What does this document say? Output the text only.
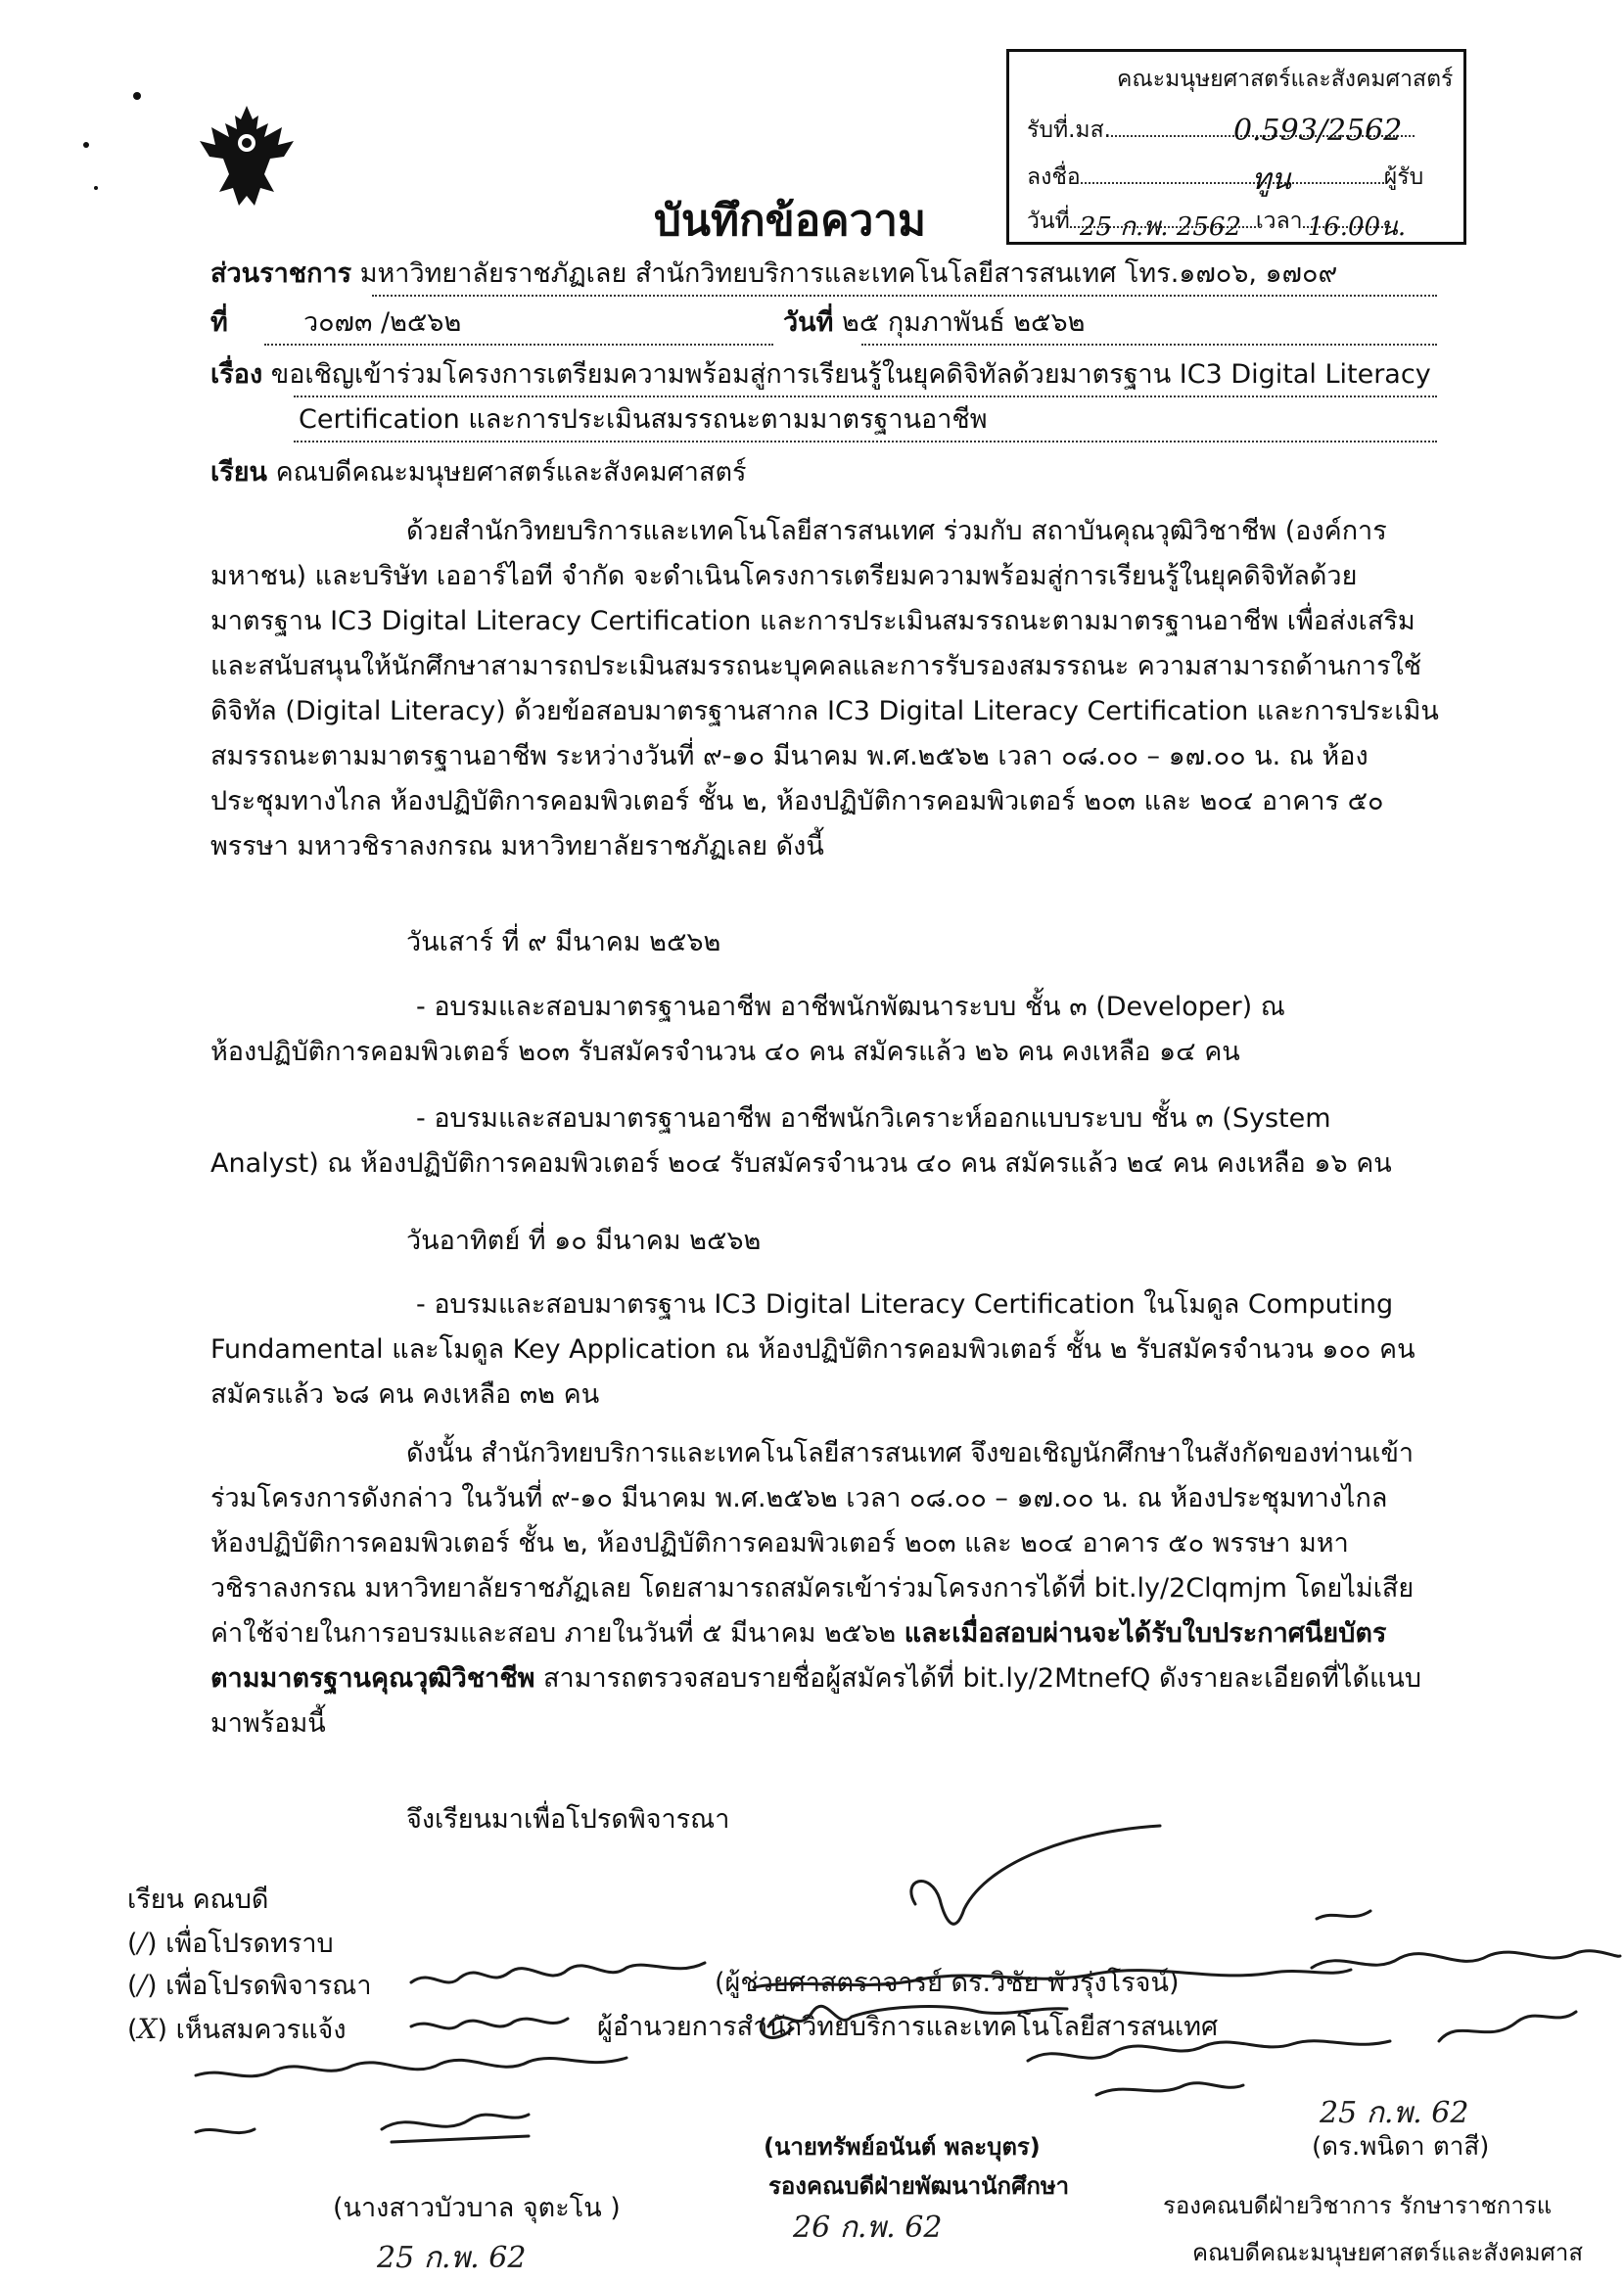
คณะมนุษยศาสตร์และสังคมศาสตร์
รับที่.มส.	0.593/2562
ลงชื่อ	ทูน	ผู้รับ
วันที่ 25 ก.พ. 2562 เวลา 16.00น.
บันทึกข้อความ
ส่วนราชการ มหาวิทยาลัยราชภัฏเลย สำนักวิทยบริการและเทคโนโลยีสารสนเทศ โทร.๑๗๐๖, ๑๗๐๙
ที่	ว๐๗๓ /๒๕๖๒	วันที่ ๒๕ กุมภาพันธ์ ๒๕๖๒
เรื่อง ขอเชิญเข้าร่วมโครงการเตรียมความพร้อมสู่การเรียนรู้ในยุคดิจิทัลด้วยมาตรฐาน IC3 Digital Literacy
Certification และการประเมินสมรรถนะตามมาตรฐานอาชีพ
เรียน คณบดีคณะมนุษยศาสตร์และสังคมศาสตร์

ด้วยสำนักวิทยบริการและเทคโนโลยีสารสนเทศ ร่วมกับ สถาบันคุณวุฒิวิชาชีพ (องค์การ

มหาชน) และบริษัท เออาร์ไอที จำกัด จะดำเนินโครงการเตรียมความพร้อมสู่การเรียนรู้ในยุคดิจิทัลด้วย

มาตรฐาน IC3 Digital Literacy Certification และการประเมินสมรรถนะตามมาตรฐานอาชีพ เพื่อส่งเสริม

และสนับสนุนให้นักศึกษาสามารถประเมินสมรรถนะบุคคลและการรับรองสมรรถนะ ความสามารถด้านการใช้

ดิจิทัล (Digital Literacy) ด้วยข้อสอบมาตรฐานสากล IC3 Digital Literacy Certification และการประเมิน

สมรรถนะตามมาตรฐานอาชีพ ระหว่างวันที่ ๙-๑๐ มีนาคม พ.ศ.๒๕๖๒ เวลา ๐๘.๐๐ – ๑๗.๐๐ น. ณ ห้อง

ประชุมทางไกล ห้องปฏิบัติการคอมพิวเตอร์ ชั้น ๒, ห้องปฏิบัติการคอมพิวเตอร์ ๒๐๓ และ ๒๐๔ อาคาร ๕๐

พรรษา มหาวชิราลงกรณ มหาวิทยาลัยราชภัฏเลย ดังนี้

วันเสาร์ ที่ ๙ มีนาคม ๒๕๖๒

- อบรมและสอบมาตรฐานอาชีพ อาชีพนักพัฒนาระบบ ชั้น ๓ (Developer) ณ

ห้องปฏิบัติการคอมพิวเตอร์ ๒๐๓ รับสมัครจำนวน ๔๐ คน สมัครแล้ว ๒๖ คน คงเหลือ ๑๔ คน

- อบรมและสอบมาตรฐานอาชีพ อาชีพนักวิเคราะห์ออกแบบระบบ ชั้น ๓ (System

Analyst) ณ ห้องปฏิบัติการคอมพิวเตอร์ ๒๐๔ รับสมัครจำนวน ๔๐ คน สมัครแล้ว ๒๔ คน คงเหลือ ๑๖ คน

วันอาทิตย์ ที่ ๑๐ มีนาคม ๒๕๖๒

- อบรมและสอบมาตรฐาน IC3 Digital Literacy Certification ในโมดูล Computing

Fundamental และโมดูล Key Application ณ ห้องปฏิบัติการคอมพิวเตอร์ ชั้น ๒ รับสมัครจำนวน ๑๐๐ คน

สมัครแล้ว ๖๘ คน คงเหลือ ๓๒ คน

ดังนั้น สำนักวิทยบริการและเทคโนโลยีสารสนเทศ จึงขอเชิญนักศึกษาในสังกัดของท่านเข้า

ร่วมโครงการดังกล่าว ในวันที่ ๙-๑๐ มีนาคม พ.ศ.๒๕๖๒ เวลา ๐๘.๐๐ – ๑๗.๐๐ น. ณ ห้องประชุมทางไกล

ห้องปฏิบัติการคอมพิวเตอร์ ชั้น ๒, ห้องปฏิบัติการคอมพิวเตอร์ ๒๐๓ และ ๒๐๔ อาคาร ๕๐ พรรษา มหา

วชิราลงกรณ มหาวิทยาลัยราชภัฏเลย โดยสามารถสมัครเข้าร่วมโครงการได้ที่ bit.ly/2Clqmjm โดยไม่เสีย

ค่าใช้จ่ายในการอบรมและสอบ ภายในวันที่ ๕ มีนาคม ๒๕๖๒ และเมื่อสอบผ่านจะได้รับใบประกาศนียบัตร

ตามมาตรฐานคุณวุฒิวิชาชีพ สามารถตรวจสอบรายชื่อผู้สมัครได้ที่ bit.ly/2MtnefQ ดังรายละเอียดที่ได้แนบ

มาพร้อมนี้

จึงเรียนมาเพื่อโปรดพิจารณา
เรียน คณบดี
(/) เพื่อโปรดทราบ
(/) เพื่อโปรดพิจารณา
(X) เห็นสมควรแจ้ง
(ผู้ช่วยศาสตราจารย์ ดร.วิชัย พัวรุ่งโรจน์)
ผู้อำนวยการสำนักวิทยบริการและเทคโนโลยีสารสนเทศ
(นายทรัพย์อนันต์ พละบุตร)
รองคณบดีฝ่ายพัฒนานักศึกษา
(ดร.พนิดา ตาสี)
รองคณบดีฝ่ายวิชาการ รักษาราชการแ
คณบดีคณะมนุษยศาสตร์และสังคมศาส
(นางสาวบัวบาล จุตะโน )
25 ก.พ. 62
25 ก.พ. 62
26 ก.พ. 62
